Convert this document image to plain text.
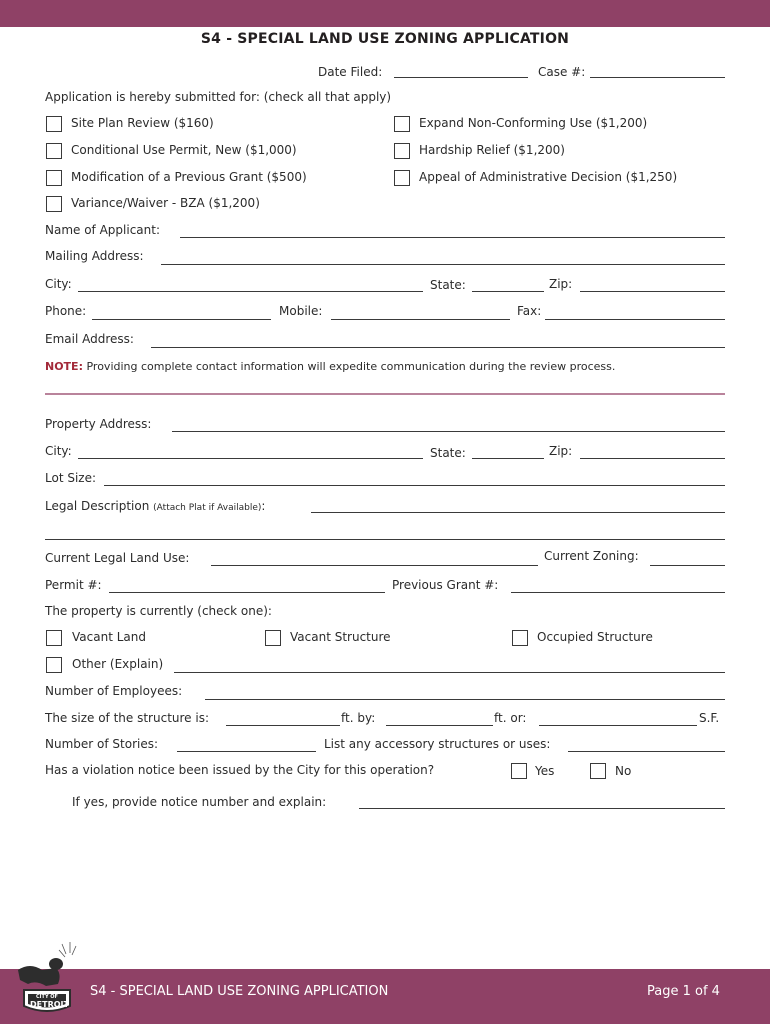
S4 - SPECIAL LAND USE ZONING APPLICATION
Date Filed:	Case #:
Application is hereby submitted for: (check all that apply)
Site Plan Review ($160)
Conditional Use Permit, New ($1,000)
Modification of a Previous Grant ($500)
Variance/Waiver - BZA ($1,200)
Expand Non-Conforming Use ($1,200)
Hardship Relief ($1,200)
Appeal of Administrative Decision ($1,250)
Name of Applicant:
Mailing Address:
City:	State:	Zip:
Phone:	Mobile:	Fax:
Email Address:
NOTE: Providing complete contact information will expedite communication during the review process.
Property Address:
City:	State:	Zip:
Lot Size:
Legal Description (Attach Plat if Available):
Current Legal Land Use:	Current Zoning:
Permit #:	Previous Grant #:
The property is currently (check one):
Vacant Land	Vacant Structure	Occupied Structure
Other (Explain)
Number of Employees:
The size of the structure is:	ft. by:	ft. or:	S.F.
Number of Stories:	List any accessory structures or uses:
Has a violation notice been issued by the City for this operation?	Yes	No
If yes, provide notice number and explain:
CITY OF
DETROIT
S4 - SPECIAL LAND USE ZONING APPLICATION	Page 1 of 4
